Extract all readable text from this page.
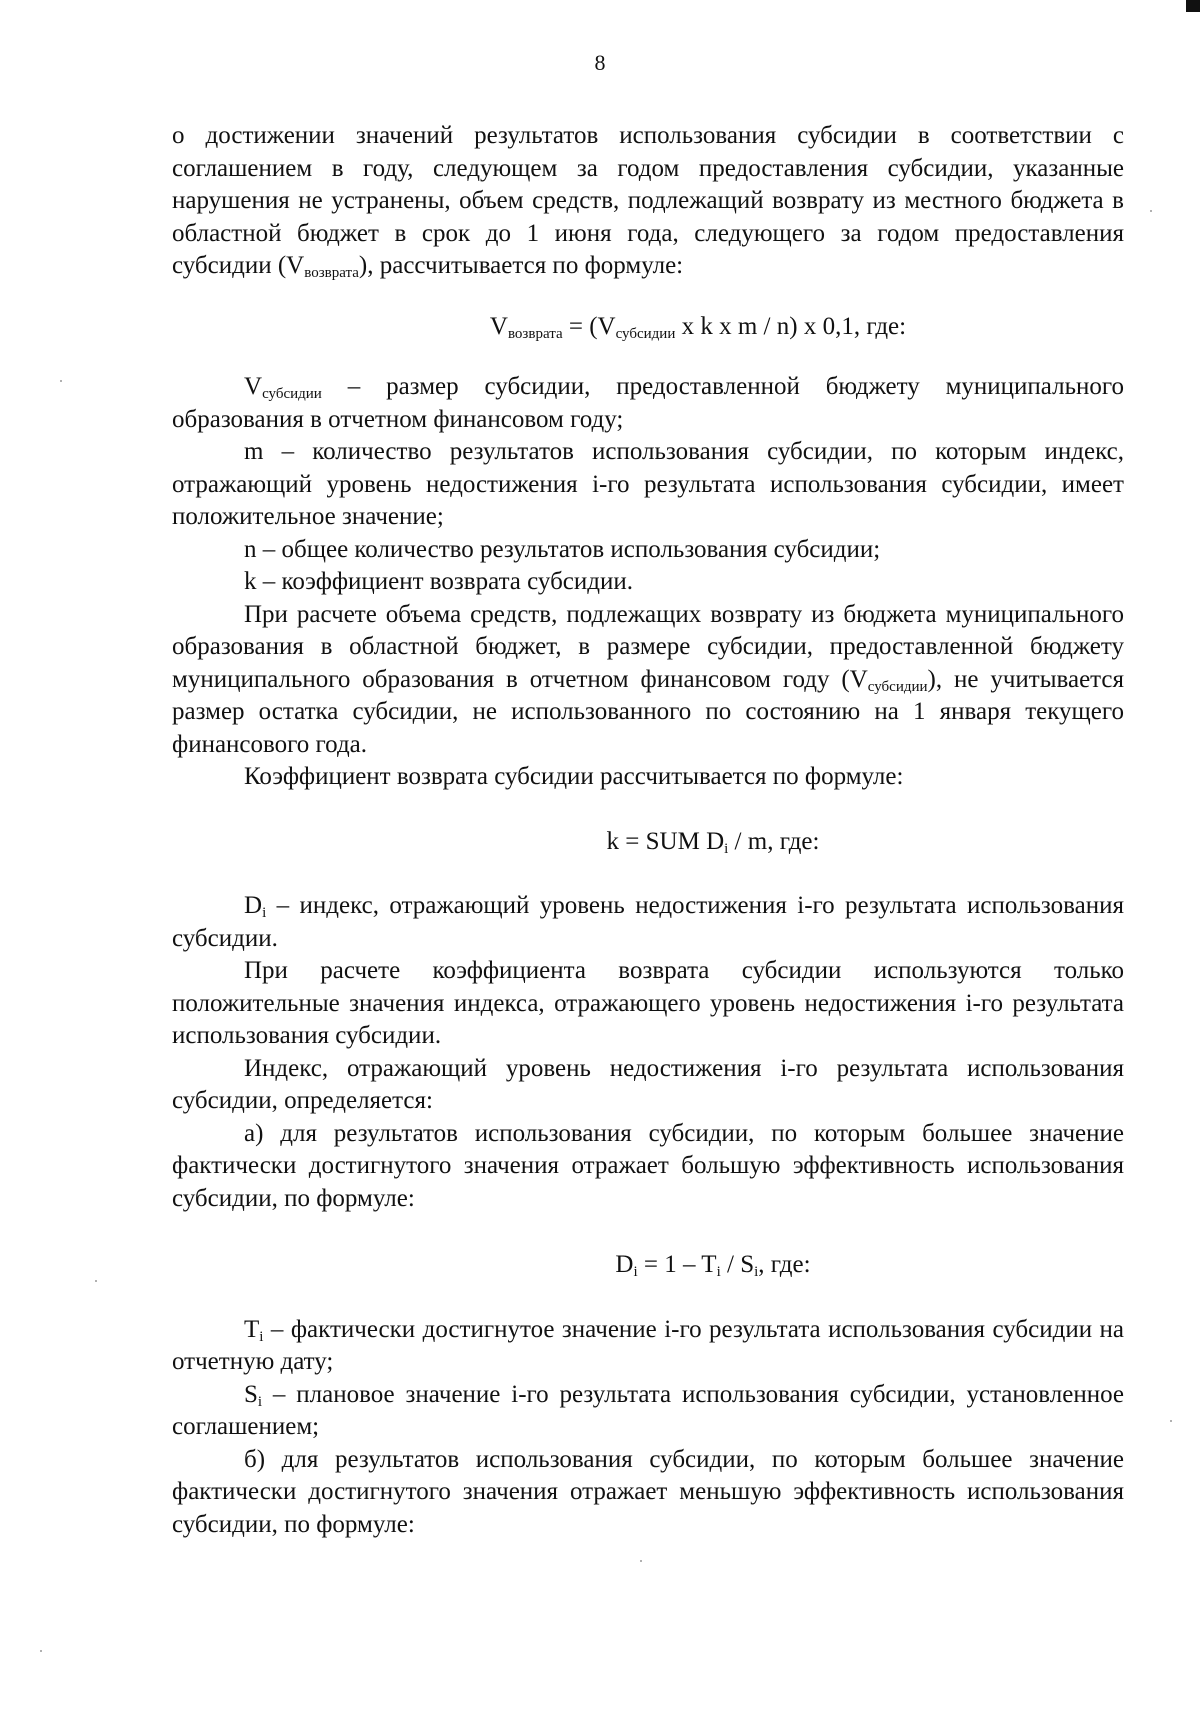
8

о достижении значений результатов использования субсидии в соответствии с соглашением в году, следующем за годом предоставления субсидии, указанные нарушения не устранены, объем средств, подлежащий возврату из местного бюджета в областной бюджет в срок до 1 июня года, следующего за годом предоставления субсидии $(V_{возврата})$, рассчитывается по формуле:

$V_{возврата} = (V_{субсидии}$ x k x m / n) x 0,1, где:

$V_{субсидии}$ – размер субсидии, предоставленной бюджету муниципального образования в отчетном финансовом году;

m – количество результатов использования субсидии, по которым индекс, отражающий уровень недостижения i-го результата использования субсидии, имеет положительное значение;

n – общее количество результатов использования субсидии;

k – коэффициент возврата субсидии.

При расчете объема средств, подлежащих возврату из бюджета муниципального образования в областной бюджет, в размере субсидии, предоставленной бюджету муниципального образования в отчетном финансовом году $(V_{субсидии})$, не учитывается размер остатка субсидии, не использованного по состоянию на 1 января текущего финансового года.

Коэффициент возврата субсидии рассчитывается по формуле:

k = SUM $D_i$ / m, где:

$D_i$ – индекс, отражающий уровень недостижения i-го результата использования субсидии.

При расчете коэффициента возврата субсидии используются только положительные значения индекса, отражающего уровень недостижения i-го результата использования субсидии.

Индекс, отражающий уровень недостижения i-го результата использования субсидии, определяется:

а) для результатов использования субсидии, по которым большее значение фактически достигнутого значения отражает большую эффективность использования субсидии, по формуле:

$D_i = 1 - T_i / S_i$, где:

$T_i$ – фактически достигнутое значение i-го результата использования субсидии на отчетную дату;

$S_i$ – плановое значение i-го результата использования субсидии, установленное соглашением;

б) для результатов использования субсидии, по которым большее значение фактически достигнутого значения отражает меньшую эффективность использования субсидии, по формуле:
